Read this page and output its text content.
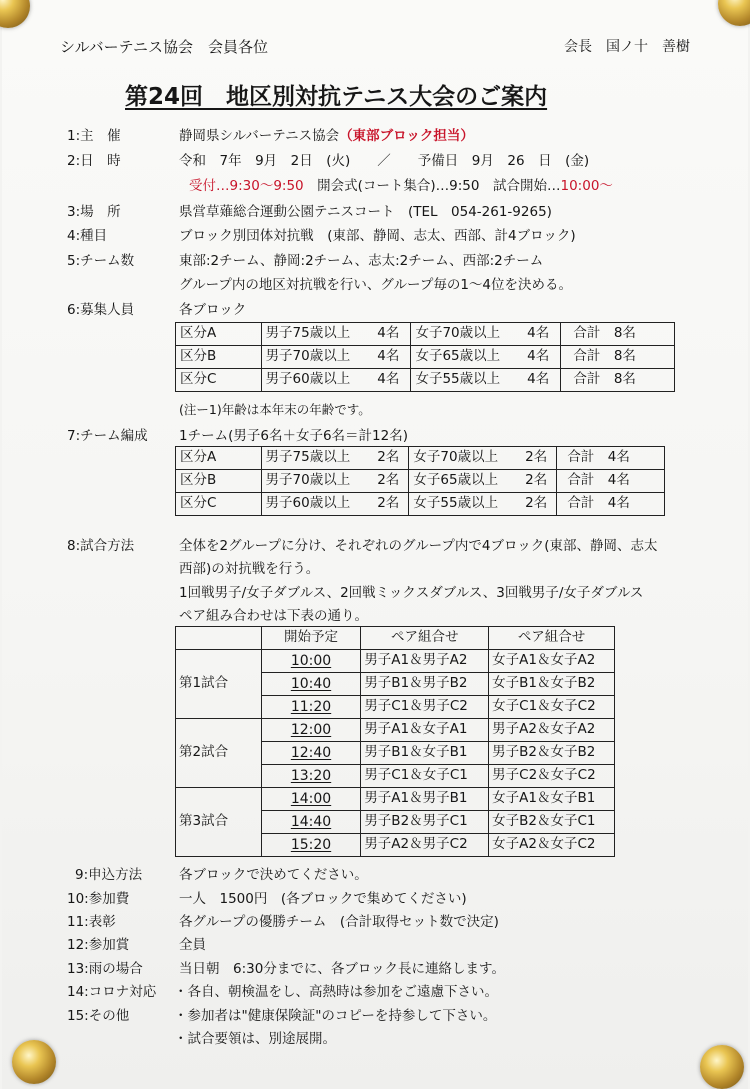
シルバーテニス協会　会員各位	会長　国ノ十　善樹
第24回　地区別対抗テニス大会のご案内
1:主　催	静岡県シルバーテニス協会（東部ブロック担当）
2:日　時	令和　7年　9月　2日　(火)　　／　　予備日　9月　26　日　(金)
受付…9:30〜9:50　 開会式(コート集合)…9:50　試合開始…10:00〜
3:場　所	県営草薙総合運動公園テニスコート　(TEL　054-261-9265)
4:種目	ブロック別団体対抗戦　(東部、静岡、志太、西部、計4ブロック)
5:チーム数	東部:2チーム、静岡:2チーム、志太:2チーム、西部:2チーム
グループ内の地区対抗戦を行い、グループ毎の1〜4位を決める。
6:募集人員	各ブロック
区分A	男子75歳以上　　4名	女子70歳以上　　4名	合計　8名
区分B	男子70歳以上　　4名	女子65歳以上　　4名	合計　8名
区分C	男子60歳以上　　4名	女子55歳以上　　4名	合計　8名
(注ー1)年齢は本年末の年齢です。
7:チーム編成 1チーム(男子6名＋女子6名＝計12名)
区分A	男子75歳以上　　2名	女子70歳以上　　2名	合計　4名
区分B	男子70歳以上　　2名	女子65歳以上　　2名	合計　4名
区分C	男子60歳以上　　2名	女子55歳以上　　2名	合計　4名
8:試合方法	全体を2グループに分け、それぞれのグループ内で4ブロック(東部、静岡、志太
西部)の対抗戦を行う。
1回戦男子/女子ダブルス、2回戦ミックスダブルス、3回戦男子/女子ダブルス
ペア組み合わせは下表の通り。
	開始予定	ペア組合せ	ペア組合せ
第1試合	10:00	男子A1＆男子A2	女子A1＆女子A2
	10:40	男子B1＆男子B2	女子B1＆女子B2
	11:20	男子C1＆男子C2	女子C1＆女子C2
第2試合	12:00	男子A1＆女子A1	男子A2＆女子A2
	12:40	男子B1＆女子B1	男子B2＆女子B2
	13:20	男子C1＆女子C1	男子C2＆女子C2
第3試合	14:00	男子A1＆男子B1	女子A1＆女子B1
	14:40	男子B2＆男子C1	女子B2＆女子C1
	15:20	男子A2＆男子C2	女子A2＆女子C2
9:申込方法	各ブロックで決めてください。
10:参加費	一人　1500円　(各ブロックで集めてください)
11:表彰	各グループの優勝チーム　(合計取得セット数で決定)
12:参加賞	全員
13:雨の場合	当日朝　6:30分までに、各ブロック長に連絡します。
14:コロナ対応 ・各自、朝検温をし、高熱時は参加をご遠慮下さい。
15:その他	・参加者は"健康保険証"のコピーを持参して下さい。
・試合要領は、別途展開。
